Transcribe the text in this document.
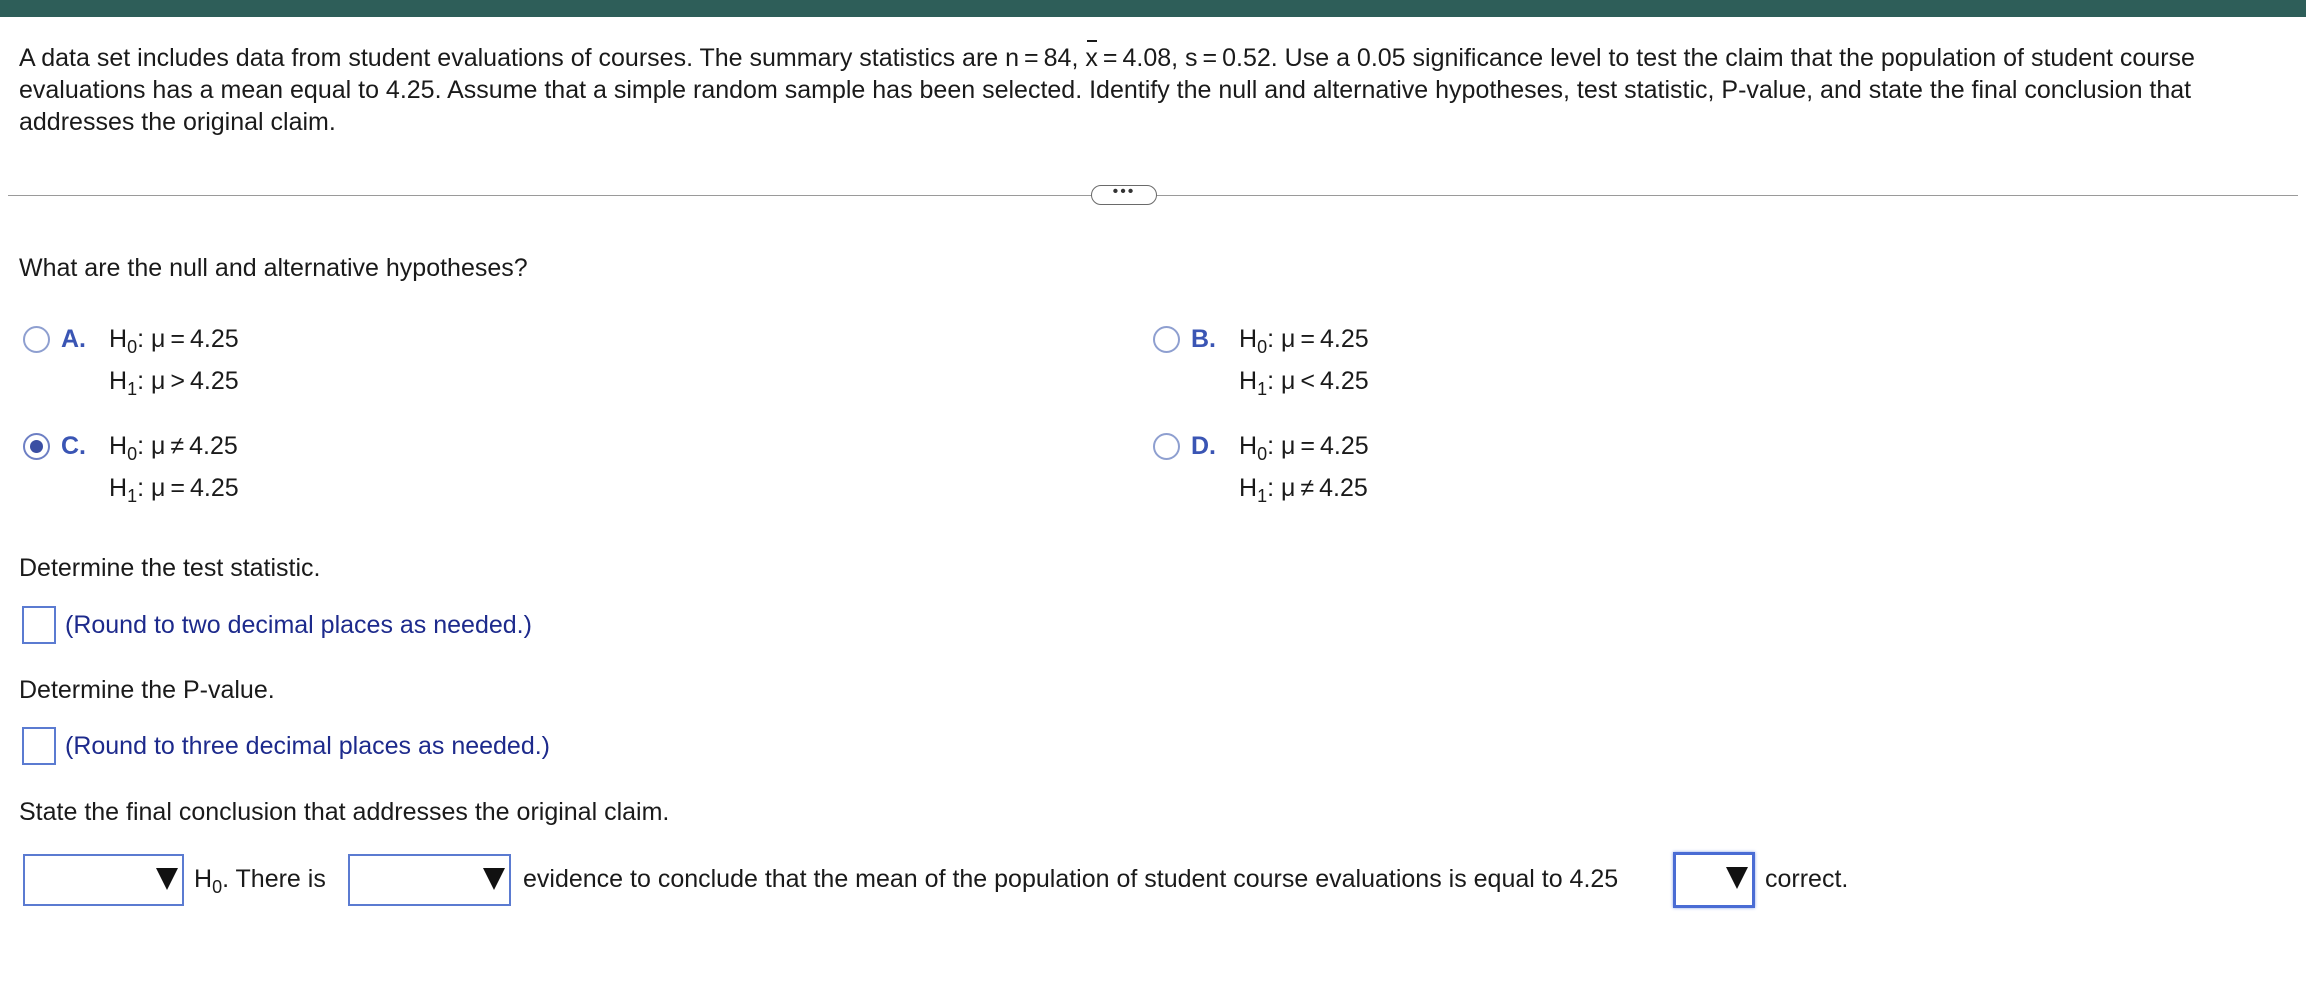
A data set includes data from student evaluations of courses. The summary statistics are n = 84, x = 4.08, s = 0.52. Use a 0.05 significance level to test the claim that the population of student course evaluations has a mean equal to 4.25. Assume that a simple random sample has been selected. Identify the null and alternative hypotheses, test statistic, P-value, and state the final conclusion that addresses the original claim.
•••
What are the null and alternative hypotheses?
A. $H_0$: μ = 4.25
$H_1$: μ > 4.25
B. $H_0$: μ = 4.25
$H_1$: μ < 4.25
C. $H_0$: μ ≠ 4.25
$H_1$: μ = 4.25
D. $H_0$: μ = 4.25
$H_1$: μ ≠ 4.25
Determine the test statistic.
(Round to two decimal places as needed.)
Determine the P-value.
(Round to three decimal places as needed.)
State the final conclusion that addresses the original claim.
$H_0$. There is	evidence to conclude that the mean of the population of student course evaluations is equal to 4.25	correct.
